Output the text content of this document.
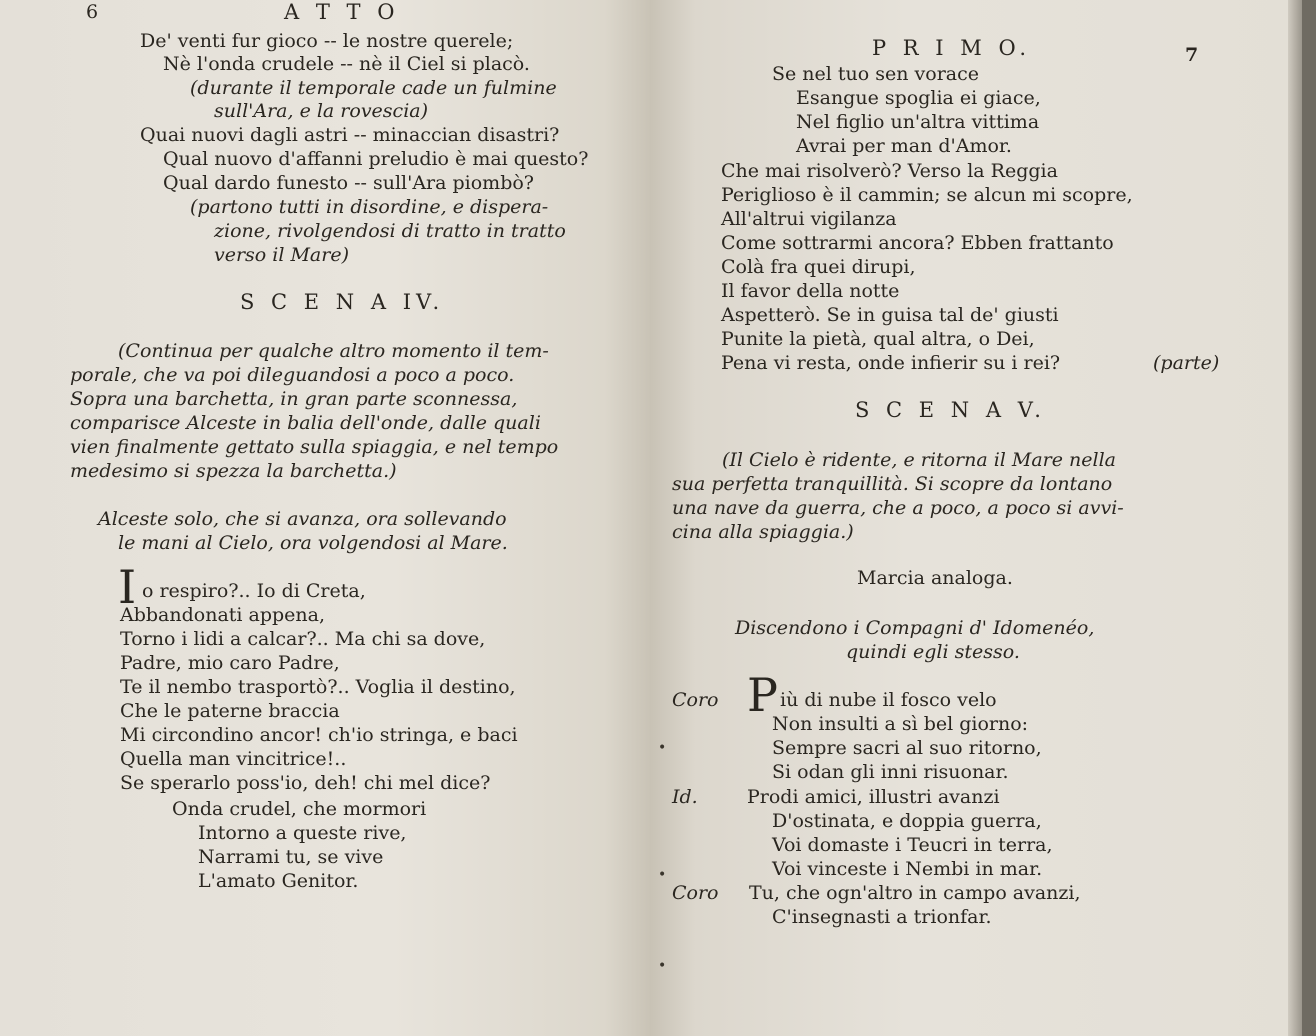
6	A T T O
De' venti fur gioco -- le nostre querele;
Nè l'onda crudele -- nè il Ciel si placò.
(durante il temporale cade un fulmine
sull'Ara, e la rovescia)
Quai nuovi dagli astri -- minaccian disastri?
Qual nuovo d'affanni preludio è mai questo?
Qual dardo funesto -- sull'Ara piombò?
(partono tutti in disordine, e dispera-
zione, rivolgendosi di tratto in tratto
verso il Mare)
S C E N A IV.
(Continua per qualche altro momento il tem-
porale, che va poi dileguandosi a poco a poco.
Sopra una barchetta, in gran parte sconnessa,
comparisce Alceste in balia dell'onde, dalle quali
vien finalmente gettato sulla spiaggia, e nel tempo
medesimo si spezza la barchetta.)
Alceste solo, che si avanza, ora sollevando
le mani al Cielo, ora volgendosi al Mare.
I o respiro?.. Io di Creta,
Abbandonati appena,
Torno i lidi a calcar?.. Ma chi sa dove,
Padre, mio caro Padre,
Te il nembo trasportò?.. Voglia il destino,
Che le paterne braccia
Mi circondino ancor! ch'io stringa, e baci
Quella man vincitrice!..
Se sperarlo poss'io, deh! chi mel dice?
Onda crudel, che mormori
Intorno a queste rive,
Narrami tu, se vive
L'amato Genitor.
P R I M O.	7
Se nel tuo sen vorace
Esangue spoglia ei giace,
Nel figlio un'altra vittima
Avrai per man d'Amor.
Che mai risolverò? Verso la Reggia
Periglioso è il cammin; se alcun mi scopre,
All'altrui vigilanza
Come sottrarmi ancora? Ebben frattanto
Colà fra quei dirupi,
Il favor della notte
Aspetterò. Se in guisa tal de' giusti
Punite la pietà, qual altra, o Dei,
Pena vi resta, onde infierir su i rei?	(parte)
S C E N A V.
(Il Cielo è ridente, e ritorna il Mare nella
sua perfetta tranquillità. Si scopre da lontano
una nave da guerra, che a poco, a poco si avvi-
cina alla spiaggia.)
Marcia analoga.
Discendono i Compagni d' Idomenéo,
quindi egli stesso.
Coro P iù di nube il fosco velo
Non insulti a sì bel giorno:
Sempre sacri al suo ritorno,
Si odan gli inni risuonar.
Id.	Prodi amici, illustri avanzi
D'ostinata, e doppia guerra,
Voi domaste i Teucri in terra,
Voi vinceste i Nembi in mar.
Coro Tu, che ogn'altro in campo avanzi,
C'insegnasti a trionfar.
•
•
•
